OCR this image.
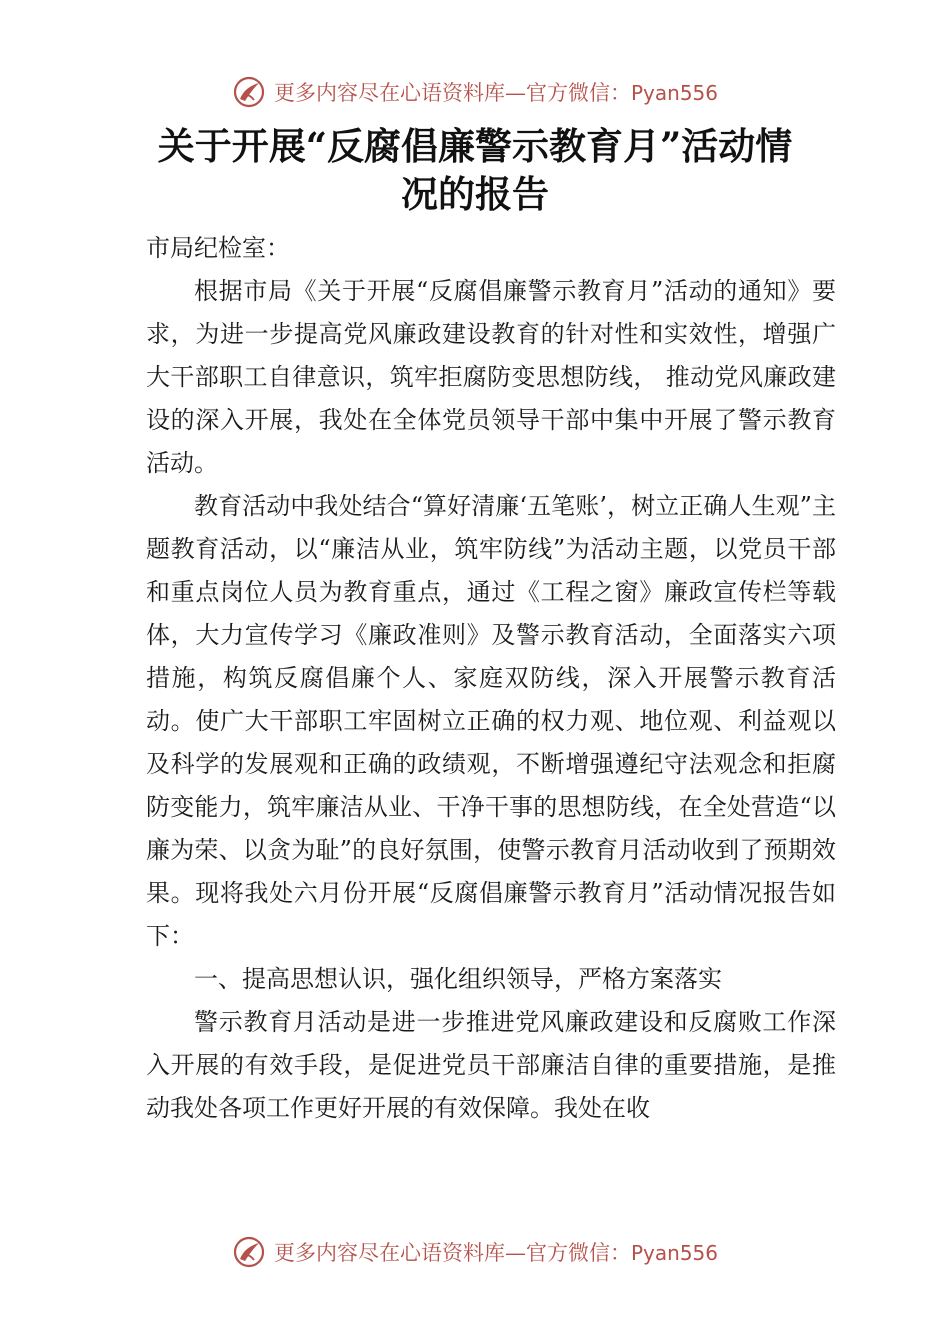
更多内容尽在心语资料库—官方微信：Pyan556
关于开展“反腐倡廉警示教育月”活动情
况的报告

市局纪检室：

根据市局《关于开展“反腐倡廉警示教育月”活动的通知》要求，为进一步提高党风廉政建设教育的针对性和实效性，增强广大干部职工自律意识，筑牢拒腐防变思想防线， 推动党风廉政建设的深入开展，我处在全体党员领导干部中集中开展了警示教育活动。

教育活动中我处结合“算好清廉‘五笔账’，树立正确人生观”主题教育活动，以“廉洁从业，筑牢防线”为活动主题，以党员干部和重点岗位人员为教育重点，通过《工程之窗》廉政宣传栏等载体，大力宣传学习《廉政准则》及警示教育活动，全面落实六项措施，构筑反腐倡廉个人、家庭双防线，深入开展警示教育活动。使广大干部职工牢固树立正确的权力观、地位观、利益观以及科学的发展观和正确的政绩观，不断增强遵纪守法观念和拒腐防变能力，筑牢廉洁从业、干净干事的思想防线，在全处营造“以廉为荣、以贪为耻”的良好氛围，使警示教育月活动收到了预期效果。现将我处六月份开展“反腐倡廉警示教育月”活动情况报告如下：

一、提高思想认识，强化组织领导，严格方案落实

警示教育月活动是进一步推进党风廉政建设和反腐败工作深入开展的有效手段，是促进党员干部廉洁自律的重要措施，是推动我处各项工作更好开展的有效保障。我处在收

更多内容尽在心语资料库—官方微信：Pyan556
